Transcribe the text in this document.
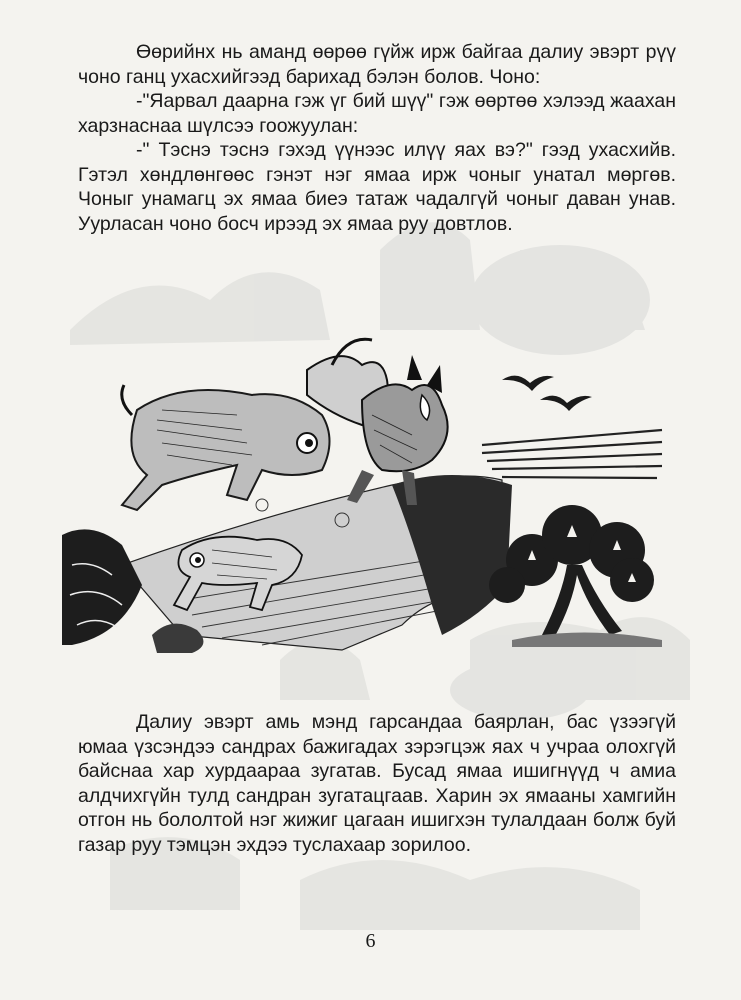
Өөрийнх нь аманд өөрөө гүйж ирж байгаа далиу эвэрт рүү чоно ганц ухасхийгээд барихад бэлэн болов. Чоно:

-"Яарвал даарна гэж үг бий шүү" гэж өөртөө хэлээд жаахан харзнаснаа шүлсээ гоожуулан:

-" Тэснэ тэснэ гэхэд үүнээс илүү яах вэ?" гээд ухасхийв. Гэтэл хөндлөнгөөс гэнэт нэг ямаа ирж чоныг унатал мөргөв. Чоныг унамагц эх ямаа биеэ татаж чадалгүй чоныг даван унав. Уурласан чоно босч ирээд эх ямаа руу довтлов.

Далиу эвэрт амь мэнд гарсандаа баярлан, бас үзээгүй юмаа үзсэндээ сандрах бажигадах зэрэгцэж яах ч учраа олохгүй байснаа хар хурдаараа зугатав. Бусад ямаа ишигнүүд ч амиа алдчихгүйн тулд сандран зугатацгаав. Харин эх ямааны хамгийн отгон нь бололтой нэг жижиг цагаан ишигхэн тулалдаан болж буй газар руу тэмцэн эхдээ туслахаар зорилоо.

6
